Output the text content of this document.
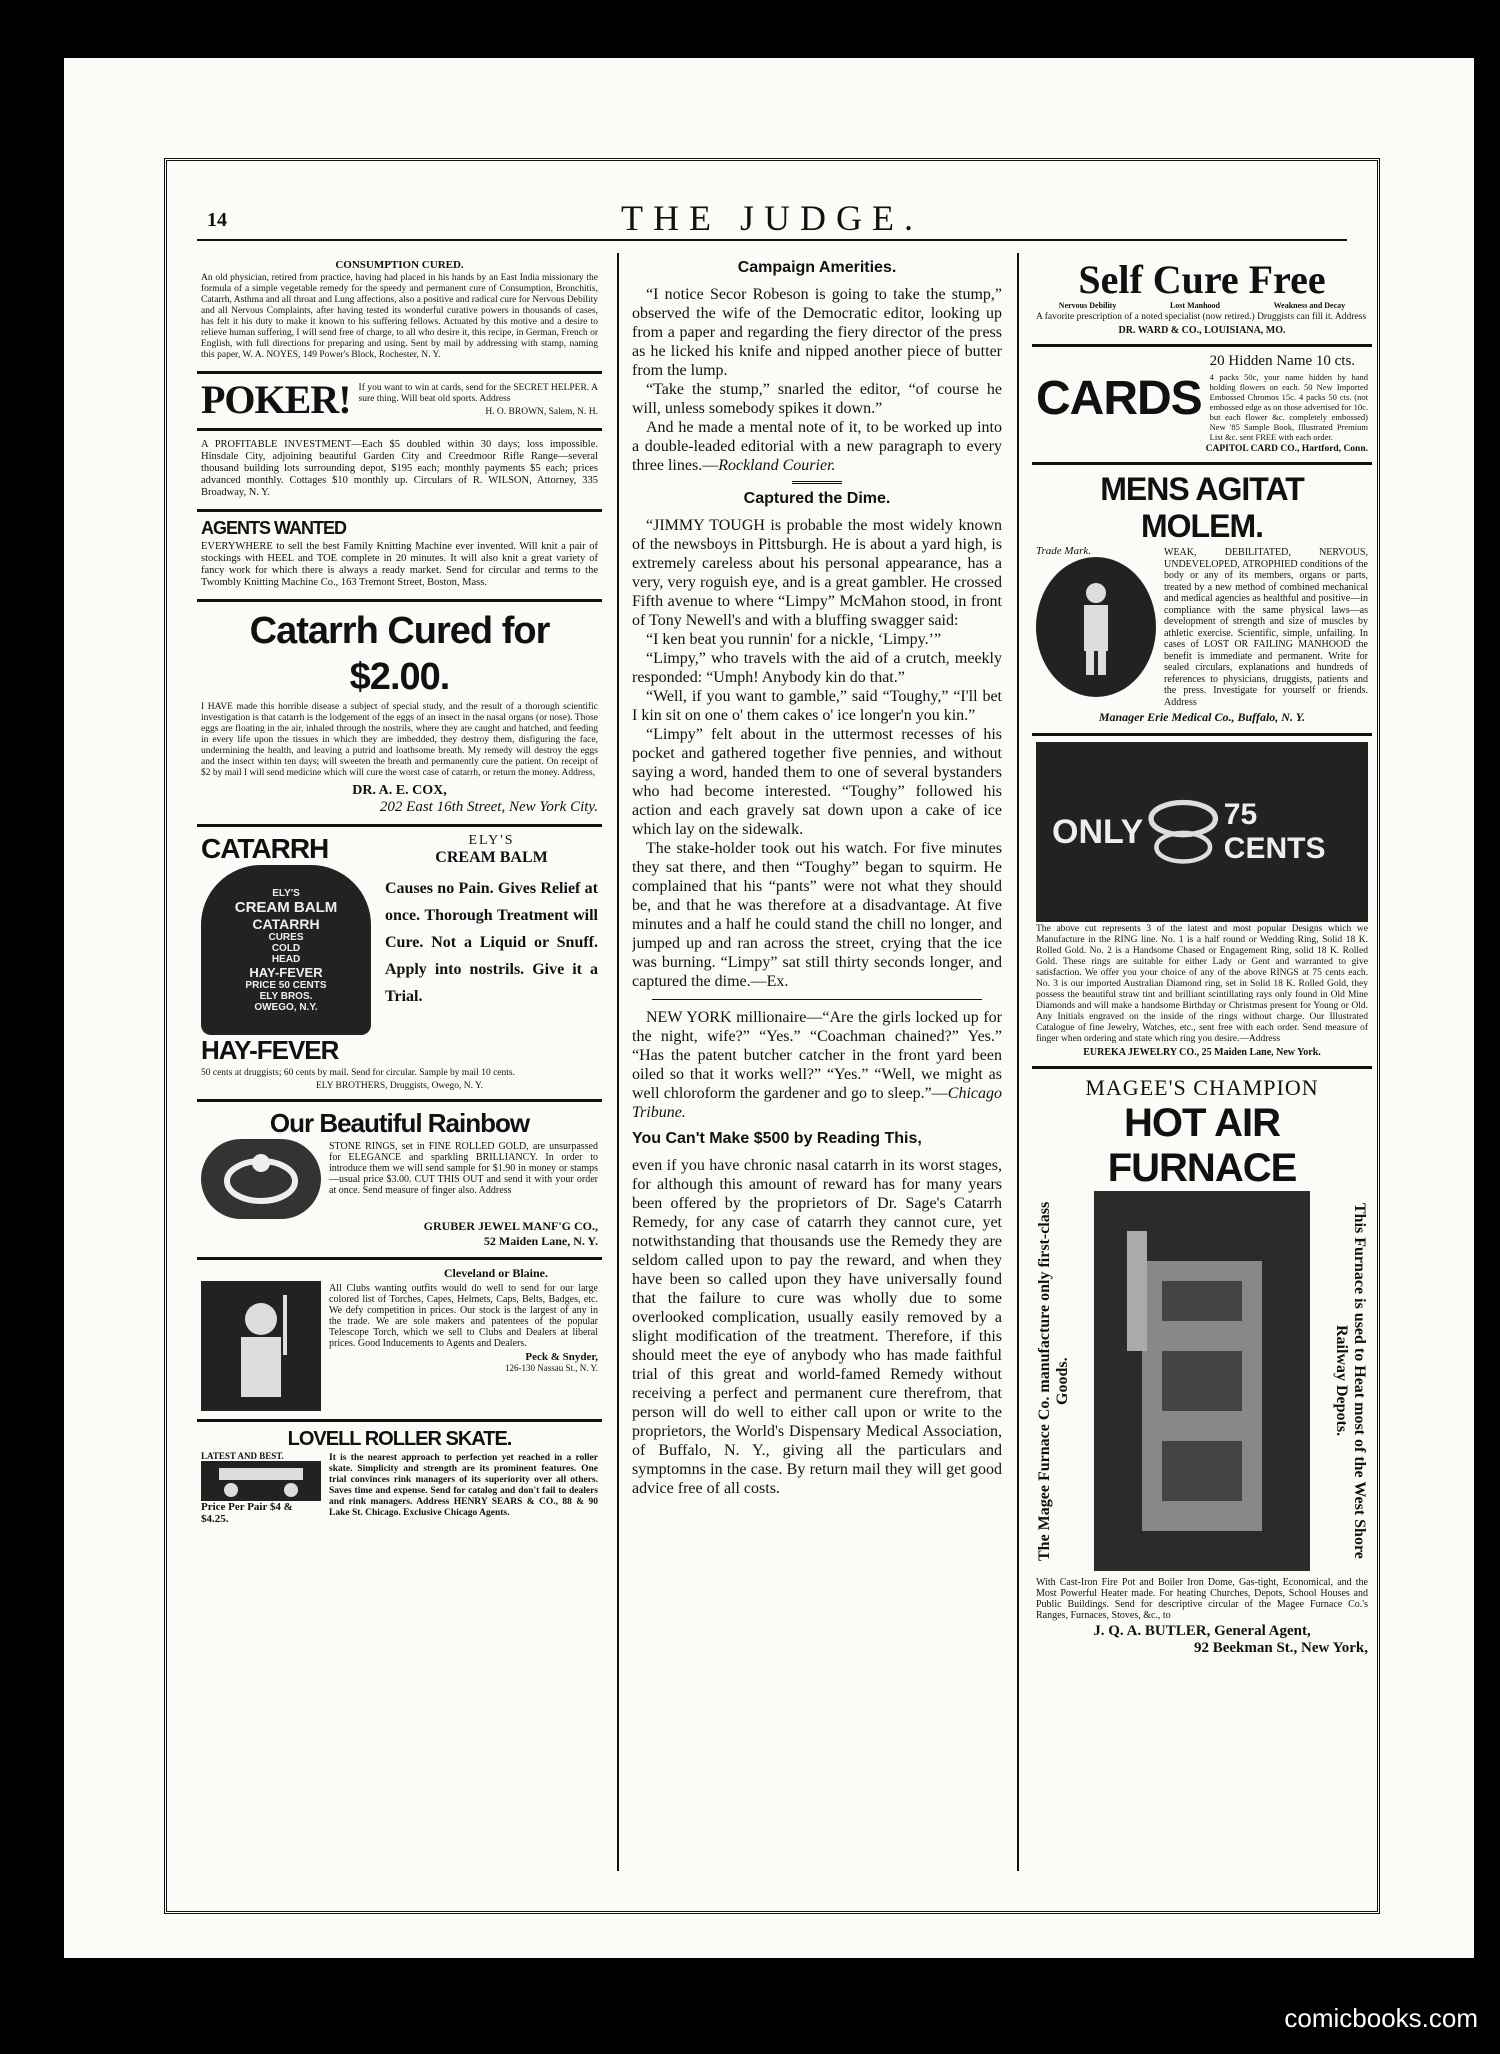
14	THE JUDGE.
CONSUMPTION CURED.

An old physician, retired from practice, having had placed in his hands by an East India missionary the formula of a simple vegetable remedy for the speedy and permanent cure of Consumption, Bronchitis, Catarrh, Asthma and all throat and Lung affections, also a positive and radical cure for Nervous Debility and all Nervous Complaints, after having tested its wonderful curative powers in thousands of cases, has felt it his duty to make it known to his suffering fellows. Actuated by this motive and a desire to relieve human suffering, I will send free of charge, to all who desire it, this recipe, in German, French or English, with full directions for preparing and using. Sent by mail by addressing with stamp, naming this paper, W. A. NOYES, 149 Power's Block, Rochester, N. Y.

POKER! If you want to win at cards, send for the SECRET HELPER. A sure thing. Will beat old sports. Address

H. O. BROWN, Salem, N. H.

A PROFITABLE INVESTMENT—Each $5 doubled within 30 days; loss impossible. Hinsdale City, adjoining beautiful Garden City and Creedmoor Rifle Range—several thousand building lots surrounding depot, $195 each; monthly payments $5 each; prices advanced monthly. Cottages $10 monthly up. Circulars of R. WILSON, Attorney, 335 Broadway, N. Y.

AGENTS WANTED

EVERYWHERE to sell the best Family Knitting Machine ever invented. Will knit a pair of stockings with HEEL and TOE complete in 20 minutes. It will also knit a great variety of fancy work for which there is always a ready market. Send for circular and terms to the Twombly Knitting Machine Co., 163 Tremont Street, Boston, Mass.

Catarrh Cured for $2.00.

I HAVE made this horrible disease a subject of special study, and the result of a thorough scientific investigation is that catarrh is the lodgement of the eggs of an insect in the nasal organs (or nose). Those eggs are floating in the air, inhaled through the nostrils, where they are caught and hatched, and feeding in every life upon the tissues in which they are imbedded, they destroy them, disfiguring the face, undermining the health, and leaving a putrid and loathsome breath. My remedy will destroy the eggs and the insect within ten days; will sweeten the breath and permanently cure the patient. On receipt of $2 by mail I will send medicine which will cure the worst case of catarrh, or return the money. Address,

DR. A. E. COX,
202 East 16th Street, New York City.
CATARRH
ELY'S
CREAM BALM
CATARRH
CURES
COLD
HEAD
HAY-FEVER
PRICE 50 CENTS
ELY BROS.
OWEGO, N.Y.
HAY-FEVER
ELY'S
CREAM BALM

Causes no Pain. Gives Relief at once. Thorough Treatment will Cure. Not a Liquid or Snuff. Apply into nostrils. Give it a Trial.

50 cents at druggists; 60 cents by mail. Send for circular. Sample by mail 10 cents.

ELY BROTHERS, Druggists, Owego, N. Y.
Our Beautiful Rainbow

STONE RINGS, set in FINE ROLLED GOLD, are unsurpassed for ELEGANCE and sparkling BRILLIANCY. In order to introduce them we will send sample for $1.90 in money or stamps—usual price $3.00. CUT THIS OUT and send it with your order at once. Send measure of finger also. Address

GRUBER JEWEL MANF'G CO.,
52 Maiden Lane, N. Y.
Cleveland or Blaine.

All Clubs wanting outfits would do well to send for our large colored list of Torches, Capes, Helmets, Caps, Belts, Badges, etc. We defy competition in prices. Our stock is the largest of any in the trade. We are sole makers and patentees of the popular Telescope Torch, which we sell to Clubs and Dealers at liberal prices. Good Inducements to Agents and Dealers.

Peck & Snyder,
126-130 Nassau St., N. Y.
LOVELL ROLLER SKATE.
LATEST AND BEST.
Price Per Pair $4 & $4.25.

It is the nearest approach to perfection yet reached in a roller skate. Simplicity and strength are its prominent features. One trial convinces rink managers of its superiority over all others. Saves time and expense. Send for catalog and don't fail to dealers and rink managers. Address HENRY SEARS & CO., 88 & 90 Lake St. Chicago. Exclusive Chicago Agents.

Campaign Amerities.

“I notice Secor Robeson is going to take the stump,” observed the wife of the Democratic editor, looking up from a paper and regarding the fiery director of the press as he licked his knife and nipped another piece of butter from the lump.

“Take the stump,” snarled the editor, “of course he will, unless somebody spikes it down.”

And he made a mental note of it, to be worked up into a double-leaded editorial with a new paragraph to every three lines.—Rockland Courier.

Captured the Dime.

“JIMMY TOUGH is probable the most widely known of the newsboys in Pittsburgh. He is about a yard high, is extremely careless about his personal appearance, has a very, very roguish eye, and is a great gambler. He crossed Fifth avenue to where “Limpy” McMahon stood, in front of Tony Newell's and with a bluffing swagger said:

“I ken beat you runnin' for a nickle, ‘Limpy.’”

“Limpy,” who travels with the aid of a crutch, meekly responded: “Umph! Anybody kin do that.”

“Well, if you want to gamble,” said “Toughy,” “I'll bet I kin sit on one o' them cakes o' ice longer'n you kin.”

“Limpy” felt about in the uttermost recesses of his pocket and gathered together five pennies, and without saying a word, handed them to one of several bystanders who had become interested. “Toughy” followed his action and each gravely sat down upon a cake of ice which lay on the sidewalk.

The stake-holder took out his watch. For five minutes they sat there, and then “Toughy” began to squirm. He complained that his “pants” were not what they should be, and that he was therefore at a disadvantage. At five minutes and a half he could stand the chill no longer, and jumped up and ran across the street, crying that the ice was burning. “Limpy” sat still thirty seconds longer, and captured the dime.—Ex.

NEW YORK millionaire—“Are the girls locked up for the night, wife?” “Yes.” “Coachman chained?” Yes.” “Has the patent butcher catcher in the front yard been oiled so that it works well?” “Yes.” “Well, we might as well chloroform the gardener and go to sleep.”—Chicago Tribune.

You Can't Make $500 by Reading This,

even if you have chronic nasal catarrh in its worst stages, for although this amount of reward has for many years been offered by the proprietors of Dr. Sage's Catarrh Remedy, for any case of catarrh they cannot cure, yet notwithstanding that thousands use the Remedy they are seldom called upon to pay the reward, and when they have been so called upon they have universally found that the failure to cure was wholly due to some overlooked complication, usually easily removed by a slight modification of the treatment. Therefore, if this should meet the eye of anybody who has made faithful trial of this great and world-famed Remedy without receiving a perfect and permanent cure therefrom, that person will do well to either call upon or write to the proprietors, the World's Dispensary Medical Association, of Buffalo, N. Y., giving all the particulars and symptomns in the case. By return mail they will get good advice free of all costs.

Self Cure Free
Nervous Debility	Lost Manhood	Weakness and Decay

A favorite prescription of a noted specialist (now retired.) Druggists can fill it. Address

DR. WARD & CO., LOUISIANA, MO.
CARDS
20 Hidden Name 10 cts.

4 packs 50c, your name hidden by hand holding flowers on each. 50 New Imported Embossed Chromos 15c. 4 packs 50 cts. (not embossed edge as on those advertised for 10c. but each flower &c. completely embossed) New '85 Sample Book, Illustrated Premium List &c. sent FREE with each order.

CAPITOL CARD CO., Hartford, Conn.
MENS AGITAT MOLEM.
Trade Mark.	WEAK, DEBILITATED, NERVOUS, UNDEVELOPED, ATROPHIED conditions of the body or any of its members, organs or parts, treated by a new method of combined mechanical and medical agencies as healthful and positive—in compliance with the same physical laws—as development of strength and size of muscles by athletic exercise. Scientific, simple, unfailing. In cases of LOST OR FAILING MANHOOD the benefit is immediate and permanent. Write for sealed circulars, explanations and hundreds of references to physicians, druggists, patients and the press. Investigate for yourself or friends. Address

Manager Erie Medical Co., Buffalo, N. Y.
ONLY	75 CENTS

The above cut represents 3 of the latest and most popular Designs which we Manufacture in the RING line. No. 1 is a half round or Wedding Ring, Solid 18 K. Rolled Gold. No. 2 is a Handsome Chased or Engagement Ring, solid 18 K. Rolled Gold. These rings are suitable for either Lady or Gent and warranted to give satisfaction. We offer you your choice of any of the above RINGS at 75 cents each. No. 3 is our imported Australian Diamond ring, set in Solid 18 K. Rolled Gold, they possess the beautiful straw tint and brilliant scintillating rays only found in Old Mine Diamonds and will make a handsome Birthday or Christmas present for Young or Old. Any Initials engraved on the inside of the rings without charge. Our Illustrated Catalogue of fine Jewelry, Watches, etc., sent free with each order. Send measure of finger when ordering and state which ring you desire.—Address

EUREKA JEWELRY CO., 25 Maiden Lane, New York.
MAGEE'S CHAMPION
HOT AIR FURNACE
The Magee Furnace Co. manufacture only first-class Goods.	This Furnace is used to Heat most of the West Shore Railway Depots.

With Cast-Iron Fire Pot and Boiler Iron Dome, Gas-tight, Economical, and the Most Powerful Heater made. For heating Churches, Depots, School Houses and Public Buildings. Send for descriptive circular of the Magee Furnace Co.'s Ranges, Furnaces, Stoves, &c., to

J. Q. A. BUTLER, General Agent,
92 Beekman St., New York,
comicbooks.com
